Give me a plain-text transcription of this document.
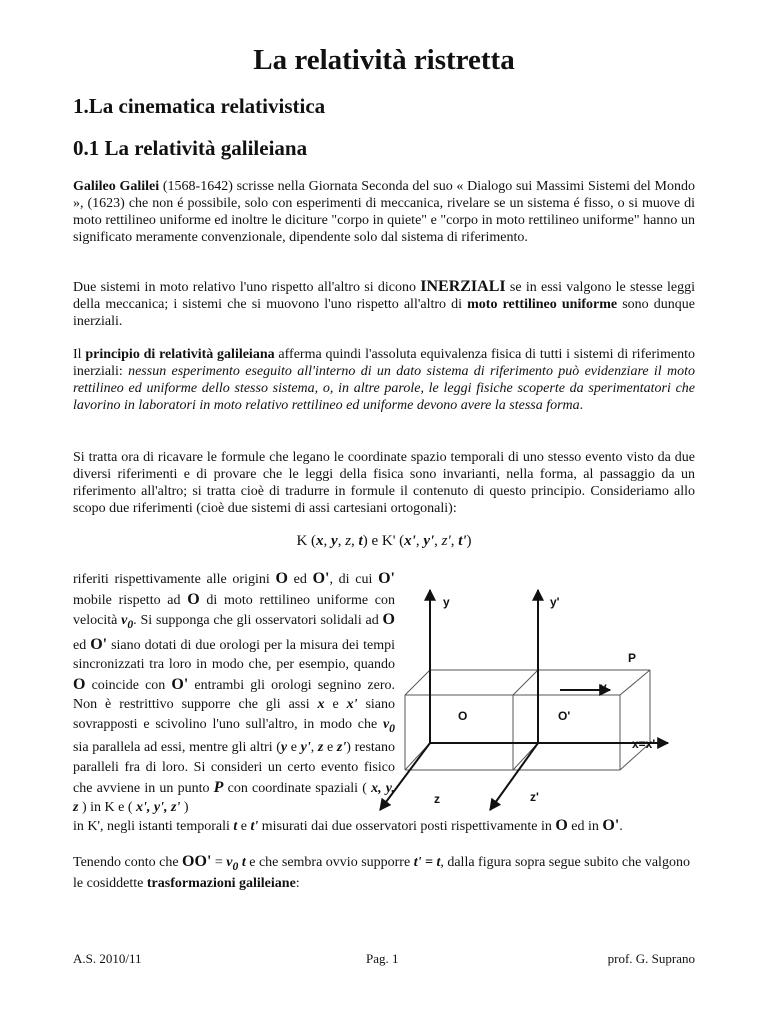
La relatività ristretta
1.La cinematica relativistica
0.1 La relatività galileiana

Galileo Galilei (1568-1642) scrisse nella Giornata Seconda del suo « Dialogo sui Massimi Sistemi del Mondo », (1623) che non é possibile, solo con esperimenti di meccanica, rivelare se un sistema é fisso, o si muove di moto rettilineo uniforme ed inoltre le diciture "corpo in quiete" e "corpo in moto rettilineo uniforme" hanno un significato meramente convenzionale, dipendente solo dal sistema di riferimento.

Due sistemi in moto relativo l'uno rispetto all'altro si dicono INERZIALI se in essi valgono le stesse leggi della meccanica; i sistemi che si muovono l'uno rispetto all'altro di moto rettilineo uniforme sono dunque inerziali.

Il principio di relatività galileiana afferma quindi l'assoluta equivalenza fisica di tutti i sistemi di riferimento inerziali: nessun esperimento eseguito all'interno di un dato sistema di riferimento può evidenziare il moto rettilineo ed uniforme dello stesso sistema, o, in altre parole, le leggi fisiche scoperte da sperimentatori che lavorino in laboratori in moto relativo rettilineo ed uniforme devono avere la stessa forma.

Si tratta ora di ricavare le formule che legano le coordinate spazio temporali di uno stesso evento visto da due diversi riferimenti e di provare che le leggi della fisica sono invarianti, nella forma, al passaggio da un riferimento all'altro; si tratta cioè di tradurre in formule il contenuto di questo principio. Consideriamo allo scopo due riferimenti (cioè due sistemi di assi cartesiani ortogonali):

K (x, y, z, t) e K' (x', y', z', t')

riferiti rispettivamente alle origini O ed O', di cui O' mobile rispetto ad O di moto rettilineo uniforme con velocità $v_0$. Si supponga che gli osservatori solidali ad O ed O' siano dotati di due orologi per la misura dei tempi sincronizzati tra loro in modo che, per esempio, quando O coincide con O' entrambi gli orologi segnino zero. Non è restrittivo supporre che gli assi x e x' siano sovrapposti e scivolino l'uno sull'altro, in modo che $v_0$ sia parallela ad essi, mentre gli altri (y e y', z e z') restano paralleli fra di loro. Si consideri un certo evento fisico che avviene in un punto P con coordinate spaziali ( x, y, z ) in K e ( x', y', z' )

in K', negli istanti temporali t e t' misurati dai due osservatori posti rispettivamente in O ed in O'.

Tenendo conto che $OO' = v_0$ t e che sembra ovvio supporre t' = t, dalla figura sopra segue subito che valgono le cosiddette trasformazioni galileiane:

A.S. 2010/11	Pag. 1	prof. G. Suprano
y	y'
P
v
O	O'
x=x'
z	z'
